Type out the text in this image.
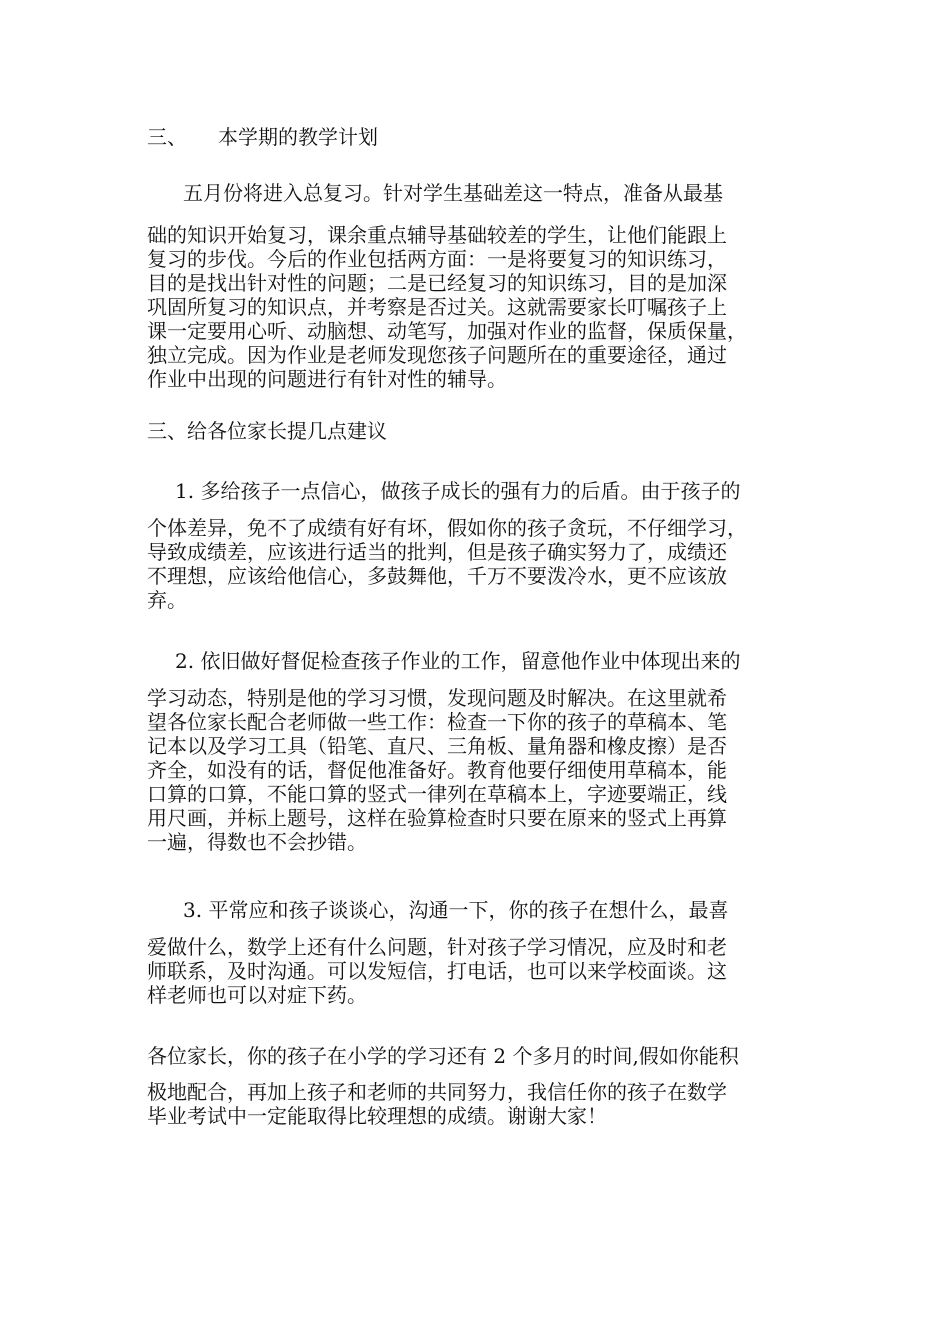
三、 本学期的教学计划
五月份将进入总复习。针对学生基础差这一特点，准备从最基
础的知识开始复习，课余重点辅导基础较差的学生，让他们能跟上
复习的步伐。今后的作业包括两方面：一是将要复习的知识练习，
目的是找出针对性的问题；二是已经复习的知识练习，目的是加深
巩固所复习的知识点，并考察是否过关。这就需要家长叮嘱孩子上
课一定要用心听、动脑想、动笔写，加强对作业的监督，保质保量，
独立完成。因为作业是老师发现您孩子问题所在的重要途径，通过
作业中出现的问题进行有针对性的辅导。
三、给各位家长提几点建议
1. 多给孩子一点信心，做孩子成长的强有力的后盾。由于孩子的
个体差异，免不了成绩有好有坏，假如你的孩子贪玩，不仔细学习，
导致成绩差，应该进行适当的批判，但是孩子确实努力了，成绩还
不理想，应该给他信心，多鼓舞他，千万不要泼冷水，更不应该放
弃。
2. 依旧做好督促检查孩子作业的工作，留意他作业中体现出来的
学习动态，特别是他的学习习惯，发现问题及时解决。在这里就希
望各位家长配合老师做一些工作：检查一下你的孩子的草稿本、笔
记本以及学习工具（铅笔、直尺、三角板、量角器和橡皮擦）是否
齐全，如没有的话，督促他准备好。教育他要仔细使用草稿本，能
口算的口算，不能口算的竖式一律列在草稿本上，字迹要端正，线
用尺画，并标上题号，这样在验算检查时只要在原来的竖式上再算
一遍，得数也不会抄错。
3. 平常应和孩子谈谈心，沟通一下，你的孩子在想什么，最喜
爱做什么，数学上还有什么问题，针对孩子学习情况，应及时和老
师联系，及时沟通。可以发短信，打电话，也可以来学校面谈。这
样老师也可以对症下药。
各位家长，你的孩子在小学的学习还有 2 个多月的时间,假如你能积
极地配合，再加上孩子和老师的共同努力，我信任你的孩子在数学
毕业考试中一定能取得比较理想的成绩。谢谢大家！
